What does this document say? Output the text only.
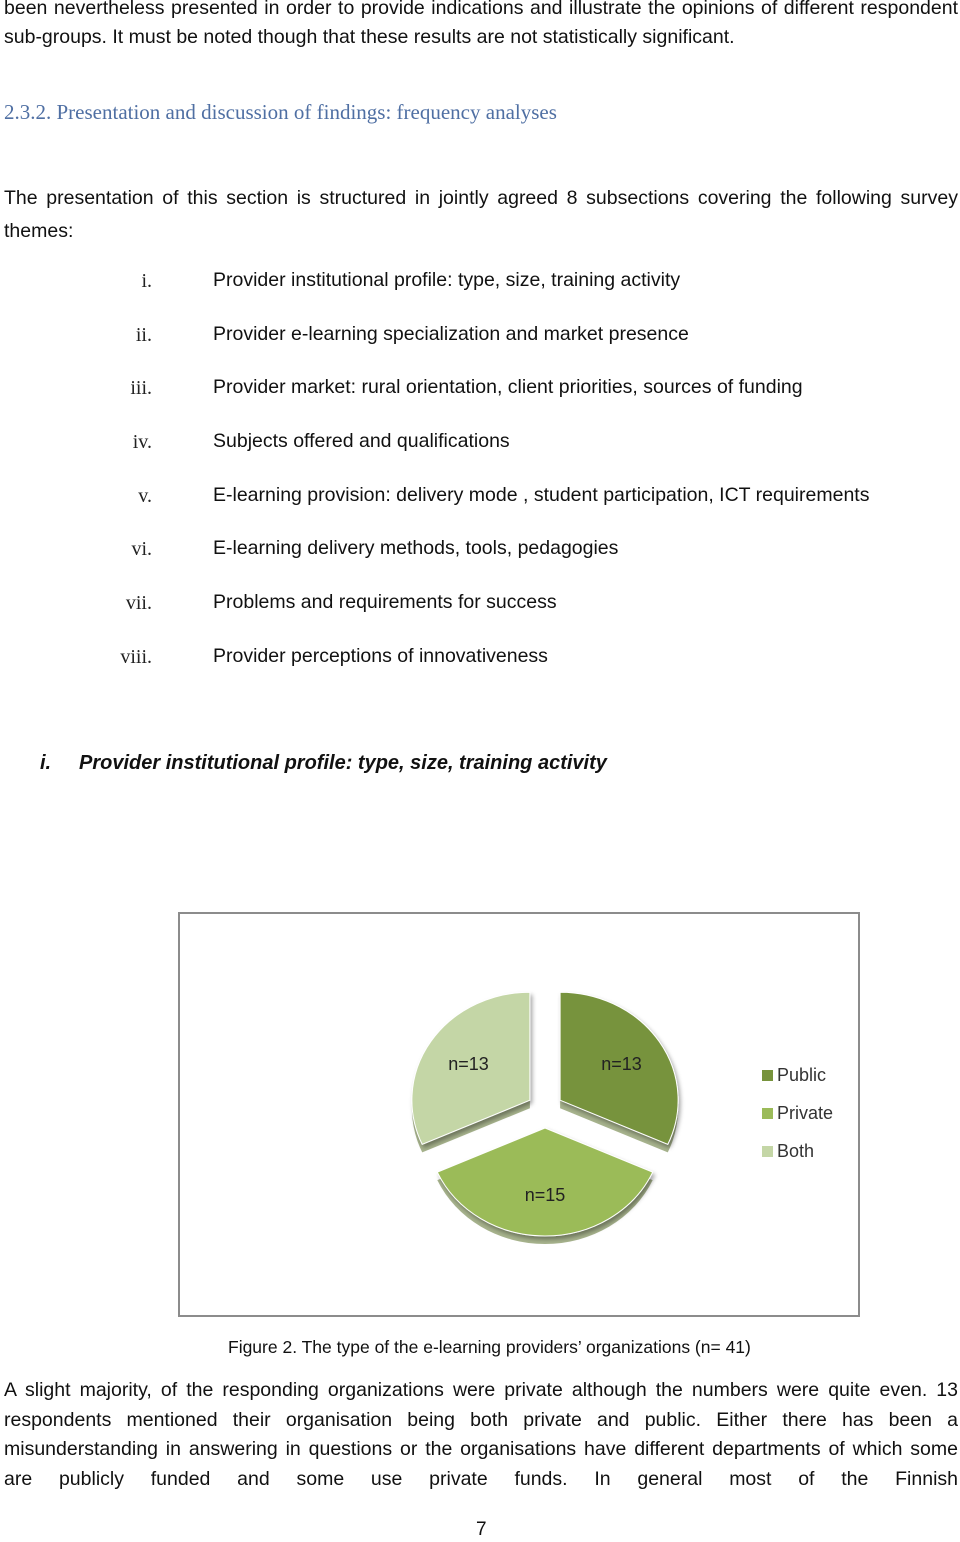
been nevertheless presented in order to provide indications and illustrate the opinions of different respondent sub-groups. It must be noted though that these results are not statistically significant.

2.3.2. Presentation and discussion of findings: frequency analyses

The presentation of this section is structured in jointly agreed 8 subsections covering the following survey themes:

i.	Provider institutional profile: type, size, training activity
ii.	Provider e-learning specialization and market presence
iii.	Provider market: rural orientation, client priorities, sources of funding
iv.	Subjects offered and qualifications
v.	E-learning provision: delivery mode , student participation, ICT requirements
vi.	E-learning delivery methods, tools, pedagogies
vii.	Problems and requirements for success
viii.	Provider perceptions of innovativeness
i. Provider institutional profile: type, size, training activity
n=13
n=15
n=13
Public
Private
Both

Figure 2. The type of the e-learning providers’ organizations (n= 41)

A slight majority, of the responding organizations were private although the numbers were quite even. 13 respondents mentioned their organisation being both private and public. Either there has been a misunderstanding in answering in questions or the organisations have different departments of which some are publicly funded and some use private funds. In general most of the Finnish

7
